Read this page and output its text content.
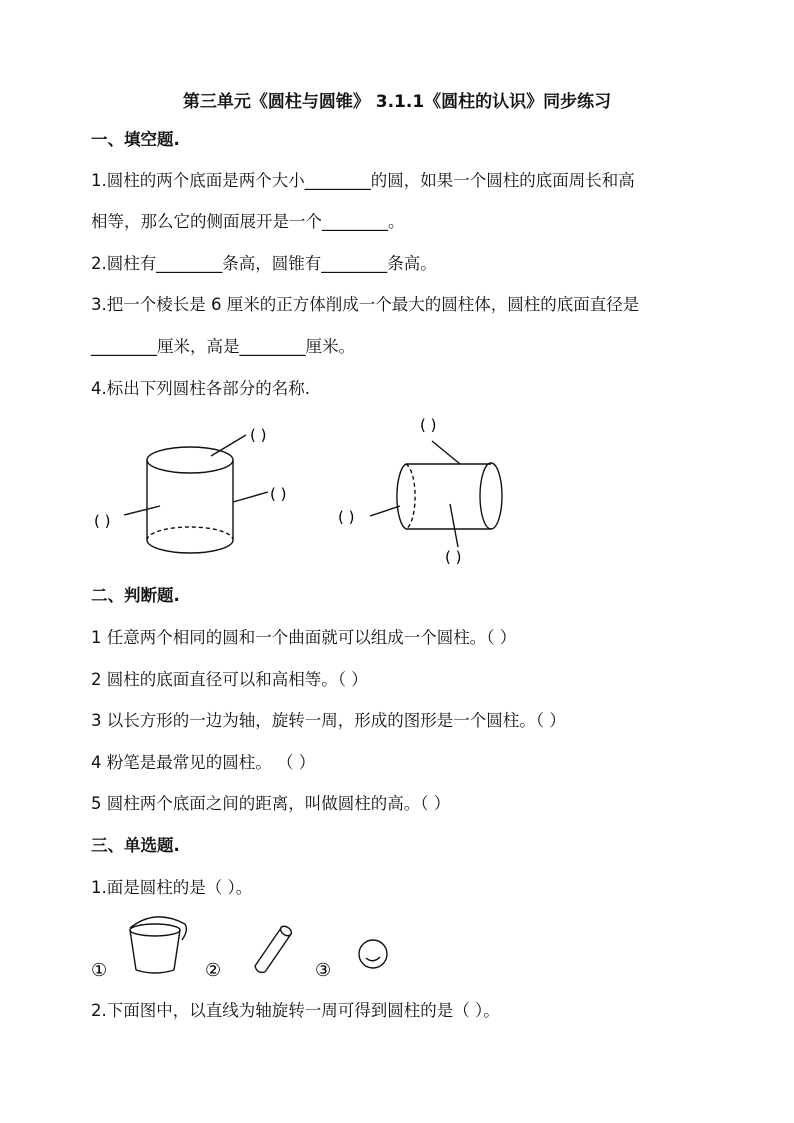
第三单元《圆柱与圆锥》 3.1.1《圆柱的认识》同步练习
一、填空题.
1.圆柱的两个底面是两个大小________的圆，如果一个圆柱的底面周长和高
相等，那么它的侧面展开是一个________。
2.圆柱有________条高，圆锥有________条高。
3.把一个棱长是 6 厘米的正方体削成一个最大的圆柱体，圆柱的底面直径是
________厘米，高是________厘米。
4.标出下列圆柱各部分的名称.
( )
( )
( )
( )
( )
( )
二、判断题.
1 任意两个相同的圆和一个曲面就可以组成一个圆柱。（ ）
2 圆柱的底面直径可以和高相等。（ ）
3 以长方形的一边为轴，旋转一周，形成的图形是一个圆柱。（ ）
4 粉笔是最常见的圆柱。 （ ）
5 圆柱两个底面之间的距离，叫做圆柱的高。（ ）
三、单选题.
1.面是圆柱的是（ ）。
①	②	③
2.下面图中，以直线为轴旋转一周可得到圆柱的是（ ）。
